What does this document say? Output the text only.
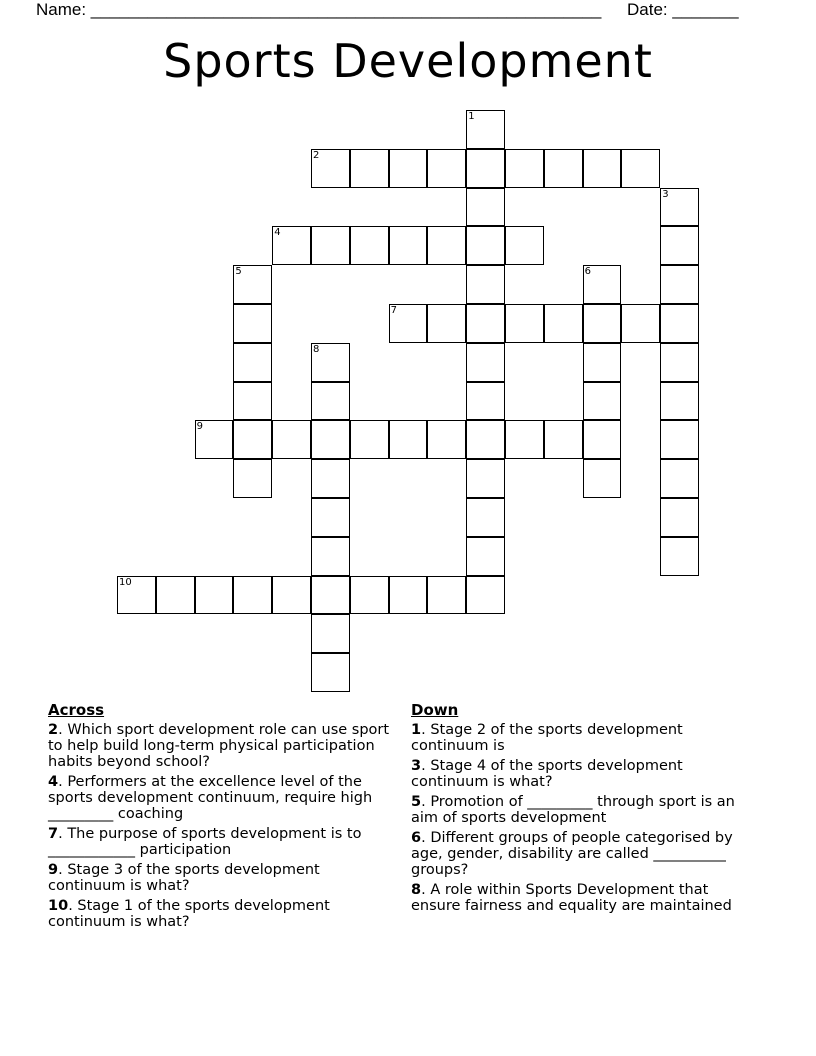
Name: ______________________________________________________ Date: _______
Sports Development
1
2
3
4
5	6
7
8
9
10
Across
2. Which sport development role can use sport to help build long-term physical participation habits beyond school?
4. Performers at the excellence level of the sports development continuum, require high _________ coaching
7. The purpose of sports development is to ____________ participation
9. Stage 3 of the sports development continuum is what?
10. Stage 1 of the sports development continuum is what?
Down
1. Stage 2 of the sports development continuum is
3. Stage 4 of the sports development continuum is what?
5. Promotion of _________ through sport is an aim of sports development
6. Different groups of people categorised by age, gender, disability are called __________ groups?
8. A role within Sports Development that ensure fairness and equality are maintained
